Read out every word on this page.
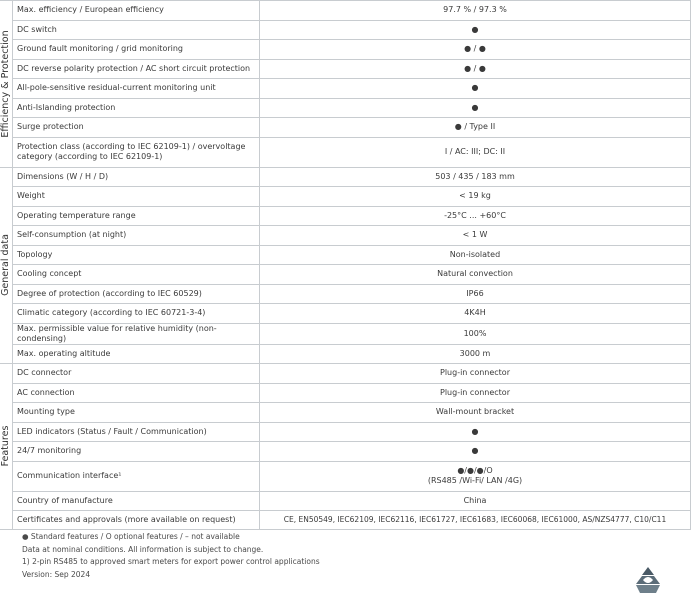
Efficiency & Protection	Max. efficiency / European efficiency	97.7 % / 97.3 %
	DC switch	●
	Ground fault monitoring / grid monitoring	● / ●
	DC reverse polarity protection / AC short circuit protection	● / ●
	All-pole-sensitive residual-current monitoring unit	●
	Anti-Islanding protection	●
	Surge protection	● / Type II
	Protection class (according to IEC 62109-1) / overvoltage category (according to IEC 62109-1)	I / AC: III; DC: II

General data	Dimensions (W / H / D)	503 / 435 / 183 mm
	Weight	< 19 kg
	Operating temperature range	-25°C ... +60°C
	Self-consumption (at night)	< 1 W
	Topology	Non-isolated
	Cooling concept	Natural convection
	Degree of protection (according to IEC 60529)	IP66
	Climatic category (according to IEC 60721-3-4)	4K4H
	Max. permissible value for relative humidity (non-condensing)	100%
	Max. operating altitude	3000 m

Features	DC connector	Plug-in connector
	AC connection	Plug-in connector
	Mounting type	Wall-mount bracket
	LED indicators (Status / Fault / Communication)	●
	24/7 monitoring	●
	Communication interface¹	●/●/●/O
(RS485 /Wi-Fi/ LAN /4G)

	Country of manufacture	China
	Certificates and approvals (more available on request)	CE, EN50549, IEC62109, IEC62116, IEC61727, IEC61683, IEC60068, IEC61000, AS/NZS4777, C10/C11
● Standard features / O optional features / – not available
Data at nominal conditions. All information is subject to change.
1) 2-pin RS485 to approved smart meters for export power control applications
Version: Sep 2024
